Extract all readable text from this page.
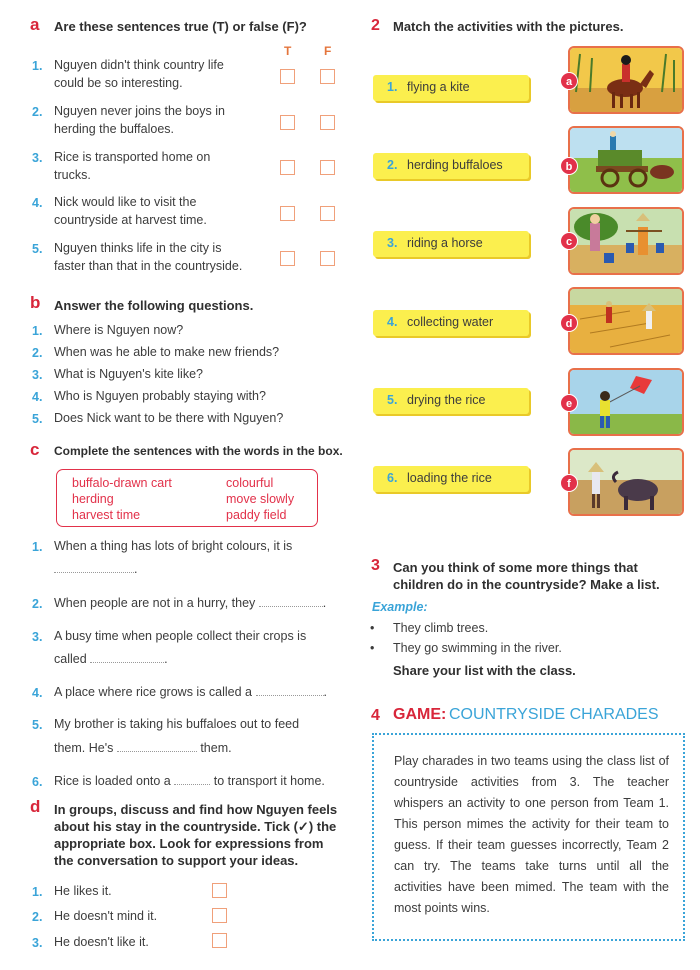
a	Are these sentences true (T) or false (F)?
T	F
1. Nguyen didn't think country life
could be so interesting.
2. Nguyen never joins the boys in
herding the buffaloes.
3. Rice is transported home on
trucks.
4. Nick would like to visit the
countryside at harvest time.
5. Nguyen thinks life in the city is
faster than that in the countryside.
b Answer the following questions.
1. Where is Nguyen now?
2. When was he able to make new friends?
3. What is Nguyen's kite like?
4. Who is Nguyen probably staying with?
5. Does Nick want to be there with Nguyen?
c	Complete the sentences with the words in the box.
buffalo-drawn cart
herding
harvest time
colourful
move slowly
paddy field
1. When a thing has lots of bright colours, it is
.
2. When people are not in a hurry, they	.
3. A busy time when people collect their crops is
called	.
4. A place where rice grows is called a	.
5. My brother is taking his buffaloes out to feed
them. He's	them.
6. Rice is loaded onto a	to transport it home.
d In groups, discuss and find how Nguyen feels
about his stay in the countryside. Tick (✓) the
appropriate box. Look for expressions from
the conversation to support your ideas.
1. He likes it.
2. He doesn't mind it.
3. He doesn't like it.
2 Match the activities with the pictures.
1. flying a kite
2. herding buffaloes
3. riding a horse
4. collecting water
5. drying the rice
6. loading the rice
a
b
c
d
e
f
3 Can you think of some more things that
children do in the countryside? Make a list.
Example:
• They climb trees.
• They go swimming in the river.
Share your list with the class.
4 GAME: COUNTRYSIDE CHARADES
Play charades in two teams using the class list of countryside activities from 3. The teacher whispers an activity to one person from Team 1. This person mimes the activity for their team to guess. If their team guesses incorrectly, Team 2 can try. The teams take turns until all the activities have been mimed. The team with the most points wins.
